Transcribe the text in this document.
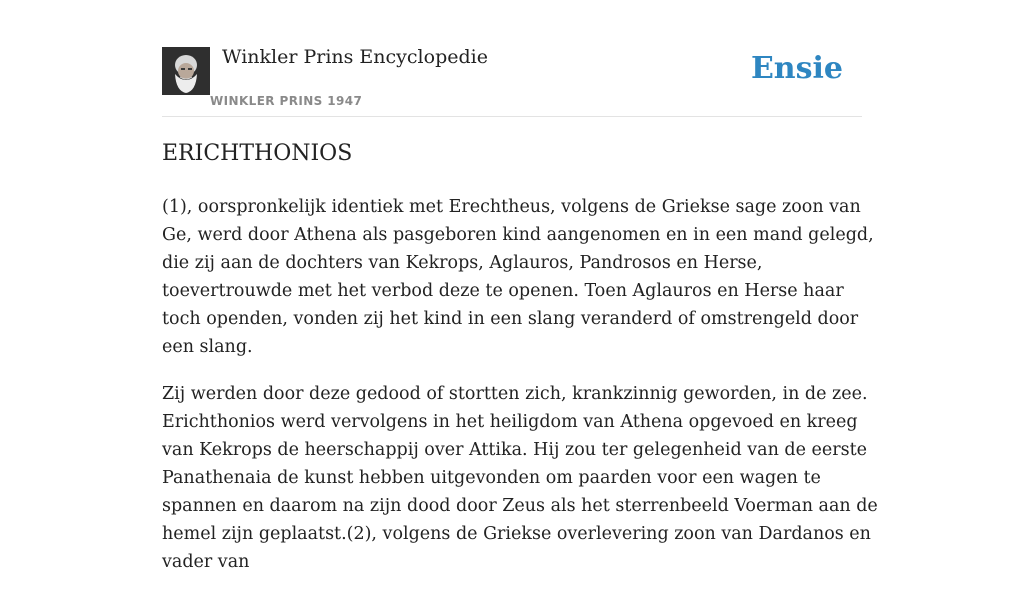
Winkler Prins Encyclopedie
WINKLER PRINS 1947
Ensie
ERICHTHONIOS

(1), oorspronkelijk identiek met Erechtheus, volgens de Griekse sage zoon van Ge, werd door Athena als pasgeboren kind aangenomen en in een mand gelegd, die zij aan de dochters van Kekrops, Aglauros, Pandrosos en Herse, toevertrouwde met het verbod deze te openen. Toen Aglauros en Herse haar toch openden, vonden zij het kind in een slang veranderd of omstrengeld door een slang.

Zij werden door deze gedood of stortten zich, krankzinnig geworden, in de zee. Erichthonios werd vervolgens in het heiligdom van Athena opgevoed en kreeg van Kekrops de heerschappij over Attika. Hij zou ter gelegenheid van de eerste Panathenaia de kunst hebben uitgevonden om paarden voor een wagen te spannen en daarom na zijn dood door Zeus als het sterrenbeeld Voerman aan de hemel zijn geplaatst.(2), volgens de Griekse overlevering zoon van Dardanos en vader van
